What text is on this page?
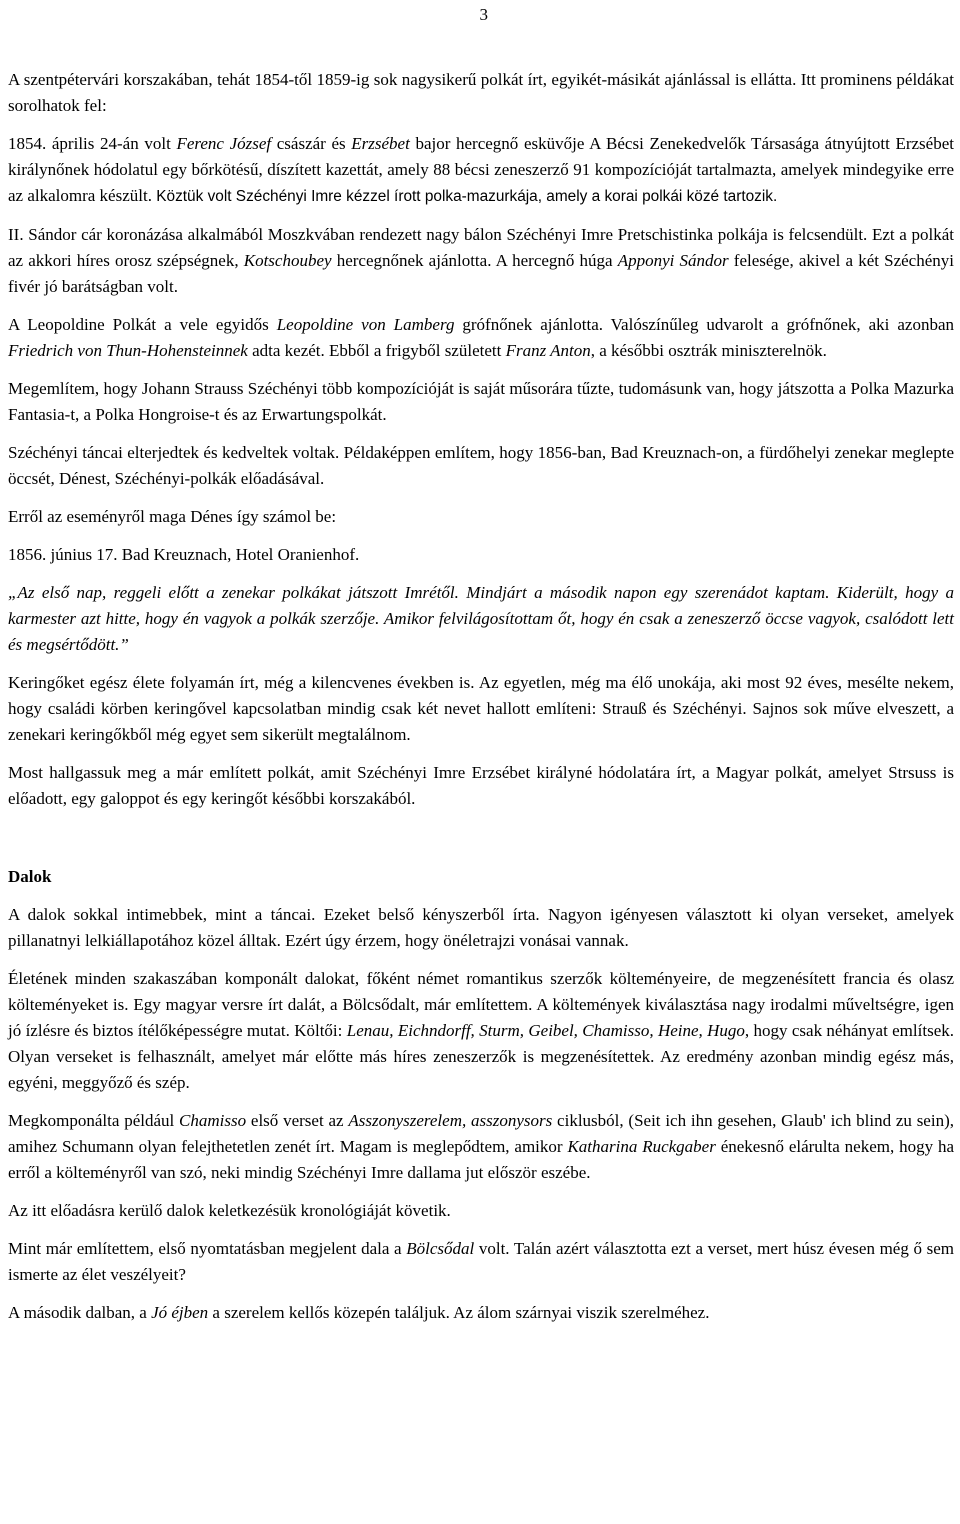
3

A szentpétervári korszakában, tehát 1854-től 1859-ig sok nagysikerű polkát írt, egyikét-másikát ajánlással is ellátta. Itt prominens példákat sorolhatok fel:

1854. április 24-án volt Ferenc József császár és Erzsébet bajor hercegnő esküvője A Bécsi Zenekedvelők Társasága átnyújtott Erzsébet királynőnek hódolatul egy bőrkötésű, díszített kazettát, amely 88 bécsi zeneszerző 91 kompozícióját tartalmazta, amelyek mindegyike erre az alkalomra készült. Köztük volt Széchényi Imre kézzel írott polka-mazurkája, amely a korai polkái közé tartozik.

II. Sándor cár koronázása alkalmából Moszkvában rendezett nagy bálon Széchényi Imre Pretschistinka polkája is felcsendült. Ezt a polkát az akkori híres orosz szépségnek, Kotschoubey hercegnőnek ajánlotta. A hercegnő húga Apponyi Sándor felesége, akivel a két Széchényi fivér jó barátságban volt.

A Leopoldine Polkát a vele egyidős Leopoldine von Lamberg grófnőnek ajánlotta. Valószínűleg udvarolt a grófnőnek, aki azonban Friedrich von Thun-Hohensteinnek adta kezét. Ebből a frigyből született Franz Anton, a későbbi osztrák miniszterelnök.

Megemlítem, hogy Johann Strauss Széchényi több kompozícióját is saját műsorára tűzte, tudomásunk van, hogy játszotta a Polka Mazurka Fantasia-t, a Polka Hongroise-t és az Erwartungspolkát.

Széchényi táncai elterjedtek és kedveltek voltak. Példaképpen említem, hogy 1856-ban, Bad Kreuznach-on, a fürdőhelyi zenekar meglepte öccsét, Dénest, Széchényi-polkák előadásával.

Erről az eseményről maga Dénes így számol be:

1856. június 17. Bad Kreuznach, Hotel Oranienhof.

„Az első nap, reggeli előtt a zenekar polkákat játszott Imrétől. Mindjárt a második napon egy szerenádot kaptam. Kiderült, hogy a karmester azt hitte, hogy én vagyok a polkák szerzője. Amikor felvilágosítottam őt, hogy én csak a zeneszerző öccse vagyok, csalódott lett és megsértődött.”

Keringőket egész élete folyamán írt, még a kilencvenes években is. Az egyetlen, még ma élő unokája, aki most 92 éves, mesélte nekem, hogy családi körben keringővel kapcsolatban mindig csak két nevet hallott említeni: Strauß és Széchényi. Sajnos sok műve elveszett, a zenekari keringőkből még egyet sem sikerült megtalálnom.

Most hallgassuk meg a már említett polkát, amit Széchényi Imre Erzsébet királyné hódolatára írt, a Magyar polkát, amelyet Strsuss is előadott, egy galoppot és egy keringőt későbbi korszakából.

Dalok

A dalok sokkal intimebbek, mint a táncai. Ezeket belső kényszerből írta. Nagyon igényesen választott ki olyan verseket, amelyek pillanatnyi lelkiállapotához közel álltak. Ezért úgy érzem, hogy önéletrajzi vonásai vannak.

Életének minden szakaszában komponált dalokat, főként német romantikus szerzők költeményeire, de megzenésített francia és olasz költeményeket is. Egy magyar versre írt dalát, a Bölcsődalt, már említettem. A költemények kiválasztása nagy irodalmi műveltségre, igen jó ízlésre és biztos ítélőképességre mutat. Költői: Lenau, Eichndorff, Sturm, Geibel, Chamisso, Heine, Hugo, hogy csak néhányat említsek. Olyan verseket is felhasznált, amelyet már előtte más híres zeneszerzők is megzenésítettek. Az eredmény azonban mindig egész más, egyéni, meggyőző és szép.

Megkomponálta például Chamisso első verset az Asszonyszerelem, asszonysors ciklusból, (Seit ich ihn gesehen, Glaub' ich blind zu sein), amihez Schumann olyan felejthetetlen zenét írt. Magam is meglepődtem, amikor Katharina Ruckgaber énekesnő elárulta nekem, hogy ha erről a költeményről van szó, neki mindig Széchényi Imre dallama jut először eszébe.

Az itt előadásra kerülő dalok keletkezésük kronológiáját követik.

Mint már említettem, első nyomtatásban megjelent dala a Bölcsődal volt. Talán azért választotta ezt a verset, mert húsz évesen még ő sem ismerte az élet veszélyeit?

A második dalban, a Jó éjben a szerelem kellős közepén találjuk. Az álom szárnyai viszik szerelméhez.
